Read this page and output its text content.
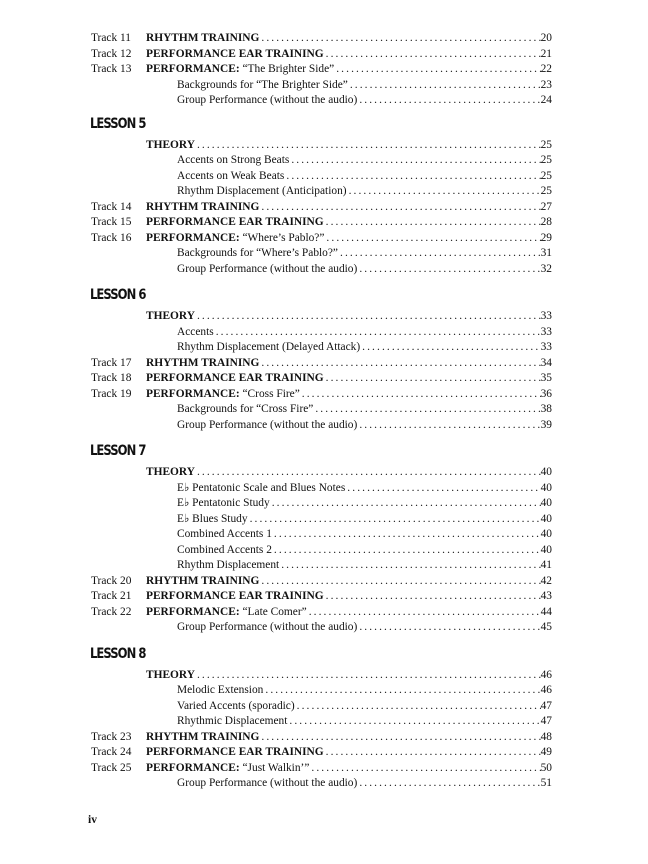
Track 11 RHYTHM TRAINING .....	20
Track 12 PERFORMANCE EAR TRAINING .....	21
Track 13 PERFORMANCE: “The Brighter Side” .....	22
Backgrounds for “The Brighter Side” .....	23
Group Performance (without the audio) .....	24
LESSON 5
THEORY .....	25
Accents on Strong Beats .....	25
Accents on Weak Beats .....	25
Rhythm Displacement (Anticipation) .....	25
Track 14 RHYTHM TRAINING .....	27
Track 15 PERFORMANCE EAR TRAINING .....	28
Track 16 PERFORMANCE: “Where’s Pablo?” .....	29
Backgrounds for “Where’s Pablo?” .....	31
Group Performance (without the audio) .....	32
LESSON 6
THEORY .....	33
Accents .....	33
Rhythm Displacement (Delayed Attack) .....	33
Track 17 RHYTHM TRAINING .....	34
Track 18 PERFORMANCE EAR TRAINING .....	35
Track 19 PERFORMANCE: “Cross Fire” .....	36
Backgrounds for “Cross Fire” .....	38
Group Performance (without the audio) .....	39
LESSON 7
THEORY .....	40
E♭ Pentatonic Scale and Blues Notes .....	40
E♭ Pentatonic Study .....	40
E♭ Blues Study .....	40
Combined Accents 1 .....	40
Combined Accents 2 .....	40
Rhythm Displacement .....	41
Track 20 RHYTHM TRAINING .....	42
Track 21 PERFORMANCE EAR TRAINING .....	43
Track 22 PERFORMANCE: “Late Comer” .....	44
Group Performance (without the audio) .....	45
LESSON 8
THEORY .....	46
Melodic Extension .....	46
Varied Accents (sporadic) .....	47
Rhythmic Displacement .....	47
Track 23 RHYTHM TRAINING .....	48
Track 24 PERFORMANCE EAR TRAINING .....	49
Track 25 PERFORMANCE: “Just Walkin’” .....	50
Group Performance (without the audio) .....	51
iv
